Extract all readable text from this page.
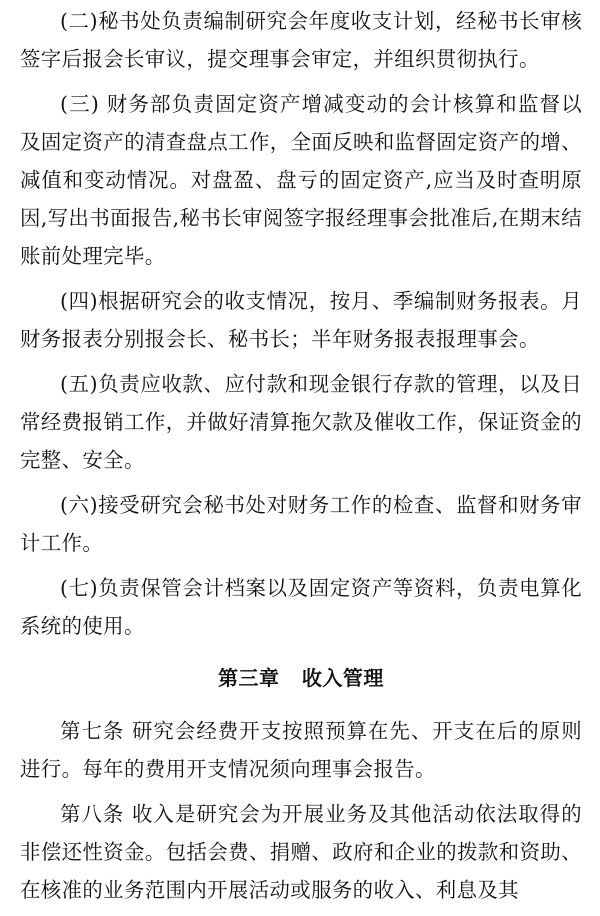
(二)秘书处负责编制研究会年度收支计划，经秘书长审核签字后报会长审议，提交理事会审定，并组织贯彻执行。

(三) 财务部负责固定资产增减变动的会计核算和监督以及固定资产的清查盘点工作，全面反映和监督固定资产的增、减值和变动情况。对盘盈、盘亏的固定资产,应当及时查明原因,写出书面报告,秘书长审阅签字报经理事会批准后,在期末结账前处理完毕。

(四)根据研究会的收支情况，按月、季编制财务报表。月财务报表分别报会长、秘书长；半年财务报表报理事会。

(五)负责应收款、应付款和现金银行存款的管理，以及日常经费报销工作，并做好清算拖欠款及催收工作，保证资金的完整、安全。

(六)接受研究会秘书处对财务工作的检查、监督和财务审计工作。

(七)负责保管会计档案以及固定资产等资料，负责电算化系统的使用。

第三章   收入管理

第七条 研究会经费开支按照预算在先、开支在后的原则进行。每年的费用开支情况须向理事会报告。

第八条 收入是研究会为开展业务及其他活动依法取得的非偿还性资金。包括会费、捐赠、政府和企业的拨款和资助、在核准的业务范围内开展活动或服务的收入、利息及其
